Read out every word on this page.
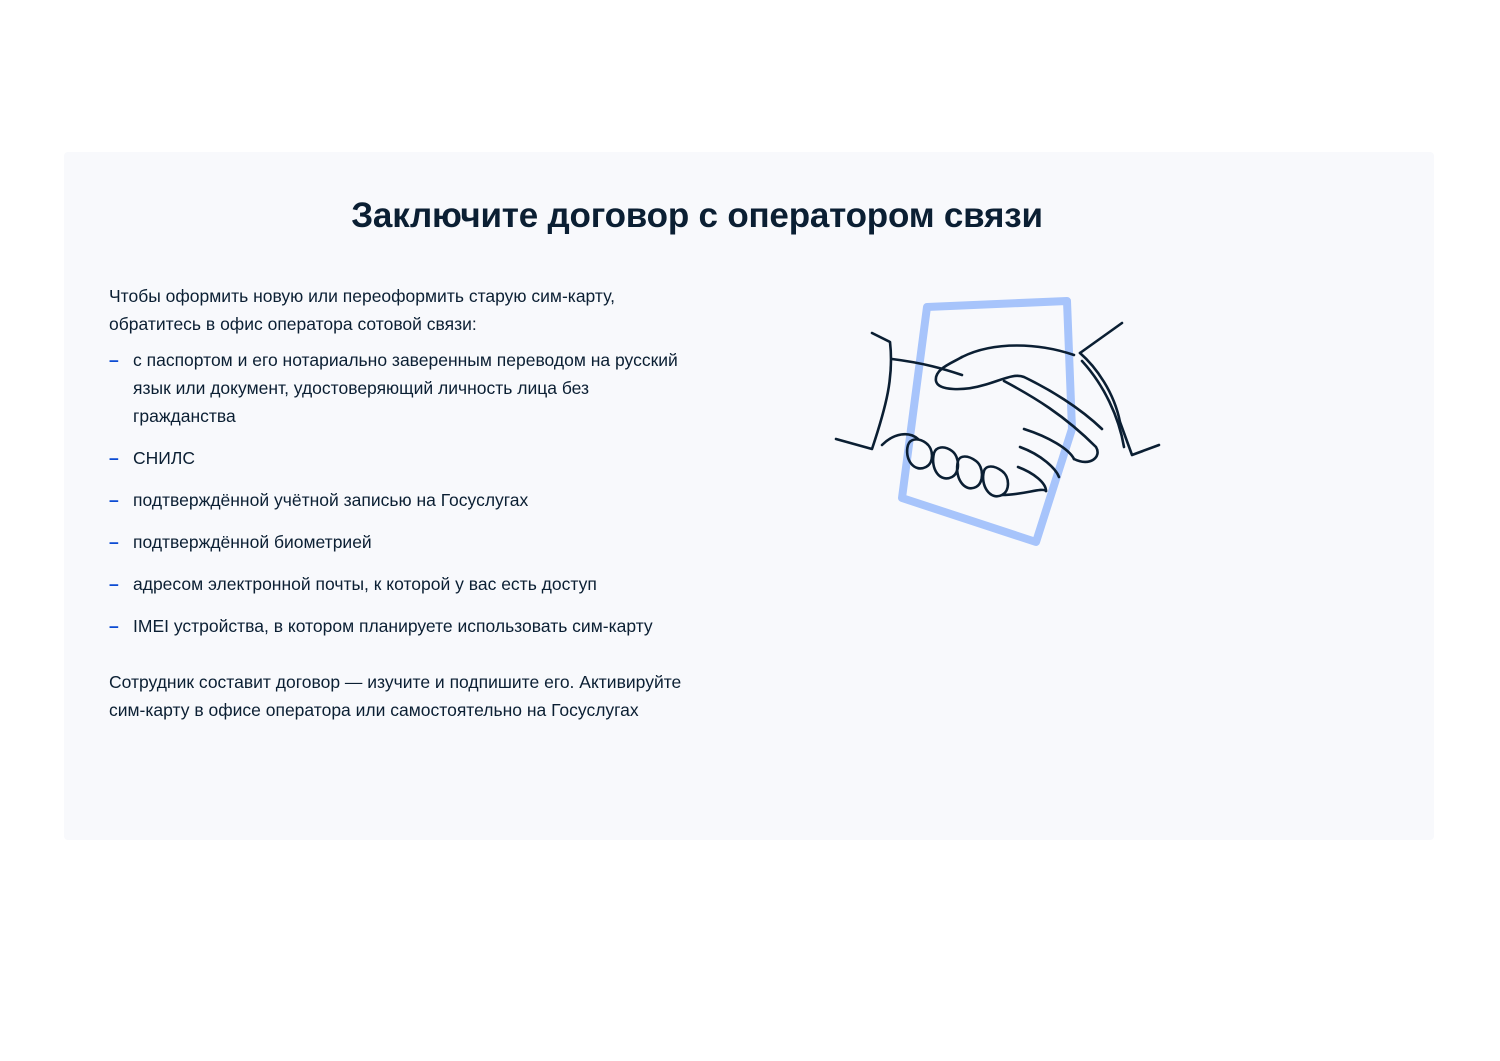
Заключите договор с оператором связи

Чтобы оформить новую или переоформить старую сим-карту, обратитесь в офис оператора сотовой связи:

– с паспортом и его нотариально заверенным переводом на русский язык или документ, удостоверяющий личность лица без гражданства
– СНИЛС
– подтверждённой учётной записью на Госуслугах
– подтверждённой биометрией
– адресом электронной почты, к которой у вас есть доступ
– IMEI устройства, в котором планируете использовать сим-карту

Сотрудник составит договор — изучите и подпишите его. Активируйте сим-карту в офисе оператора или самостоятельно на Госуслугах
